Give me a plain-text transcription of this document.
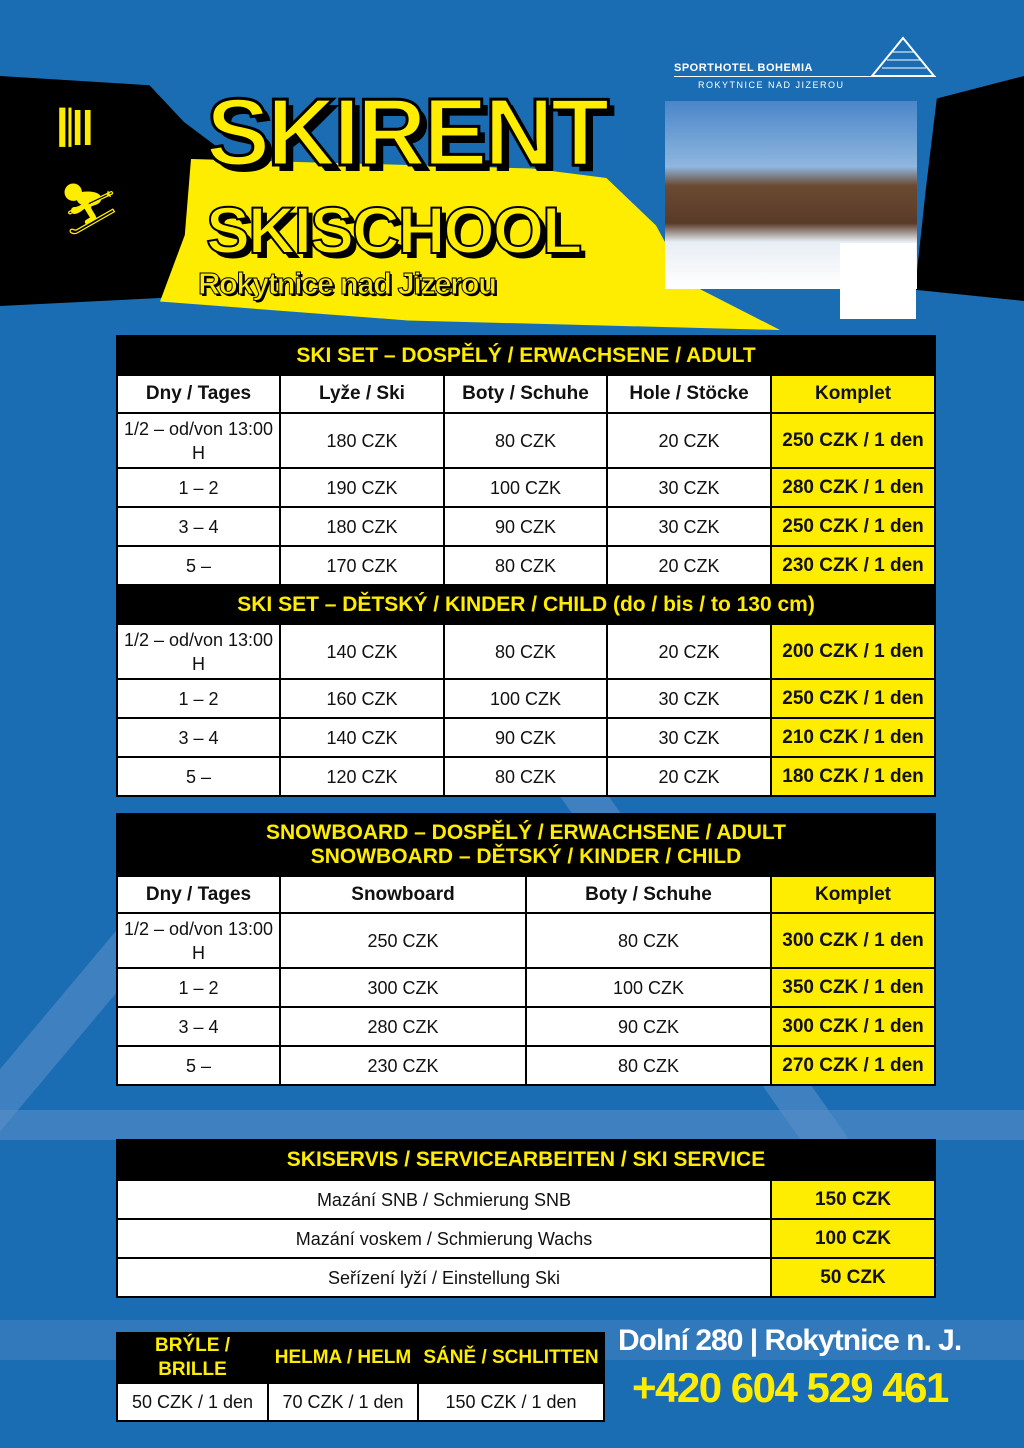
𝄃‖
⛷
SKIRENT
SKISCHOOL
Rokytnice nad Jizerou
SPORTHOTEL BOHEMIA
ROKYTNICE NAD JIZEROU
SKI SET – DOSPĚLÝ / ERWACHSENE / ADULT				
Dny / Tages	Lyže / Ski	Boty / Schuhe	Hole / Stöcke	Komplet
1/2 – od/von 13:00 H	180 CZK	80 CZK	20 CZK	250 CZK / 1 den
1 – 2	190 CZK	100 CZK	30 CZK	280 CZK / 1 den
3 – 4	180 CZK	90 CZK	30 CZK	250 CZK / 1 den
5 –	170 CZK	80 CZK	20 CZK	230 CZK / 1 den
SKI SET – DĚTSKÝ / KINDER / CHILD (do / bis / to 130 cm)				
1/2 – od/von 13:00 H	140 CZK	80 CZK	20 CZK	200 CZK / 1 den
1 – 2	160 CZK	100 CZK	30 CZK	250 CZK / 1 den
3 – 4	140 CZK	90 CZK	30 CZK	210 CZK / 1 den
5 –	120 CZK	80 CZK	20 CZK	180 CZK / 1 den
SNOWBOARD – DOSPĚLÝ / ERWACHSENE / ADULT
SNOWBOARD – DĚTSKÝ / KINDER / CHILD			

Dny / Tages	Snowboard	Boty / Schuhe	Komplet
1/2 – od/von 13:00 H	250 CZK	80 CZK	300 CZK / 1 den
1 – 2	300 CZK	100 CZK	350 CZK / 1 den
3 – 4	280 CZK	90 CZK	300 CZK / 1 den
5 –	230 CZK	80 CZK	270 CZK / 1 den
SKISERVIS / SERVICEARBEITEN / SKI SERVICE	
Mazání SNB / Schmierung SNB	150 CZK
Mazání voskem / Schmierung Wachs	100 CZK
Seřízení lyží / Einstellung Ski	50 CZK
BRÝLE / BRILLE	HELMA / HELM	SÁNĚ / SCHLITTEN
50 CZK / 1 den	70 CZK / 1 den	150 CZK / 1 den
Dolní 280 | Rokytnice n. J.
+420 604 529 461
